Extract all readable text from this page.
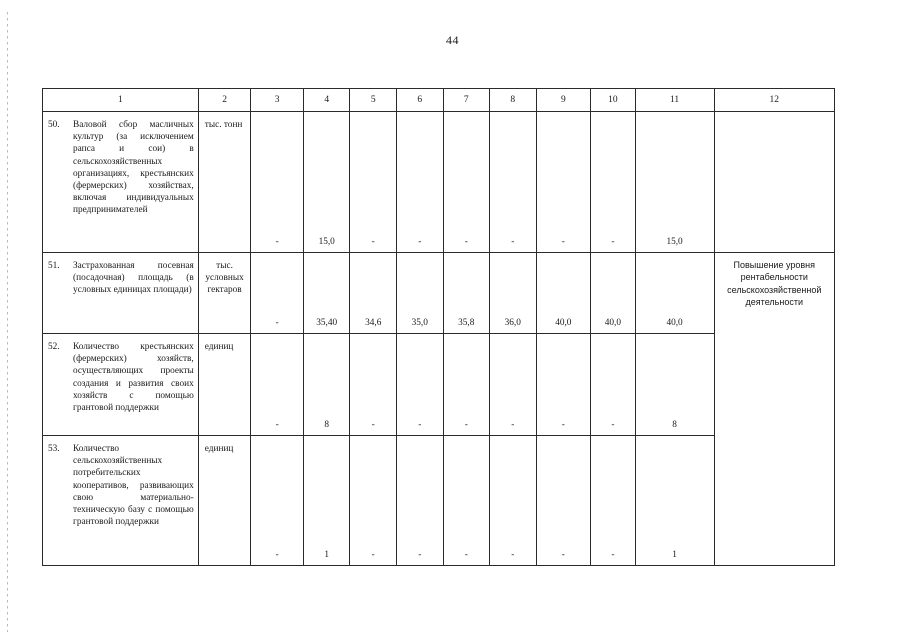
44
1	2	3	4	5	6	7	8	9	10	11	12

50. Валовой сбор масличных культур (за исключением рапса и сои) в сельскохозяйственных организациях, крестьянских (фермерских) хозяйствах, включая индивидуальных предпринимателей	тыс. тонн	-	15,0	-	-	-	-	-	-	15,0	

51. Застрахованная посевная (посадочная) площадь (в условных единицах площади)	тыс. условных гектаров	-	35,40	34,6	35,0	35,8	36,0	40,0	40,0	40,0	Повышение уровня рентабельности сельскохозяйственной деятельности

52. Количество крестьянских (фермерских) хозяйств, осуществляющих проекты создания и развития своих хозяйств с помощью грантовой поддержки	единиц	-	8	-	-	-	-	-	-	8	

53. Количество сельскохозяйственных потребительских кооперативов, развивающих свою материально-техническую базу с помощью грантовой поддержки	единиц	-	1	-	-	-	-	-	-	1	
